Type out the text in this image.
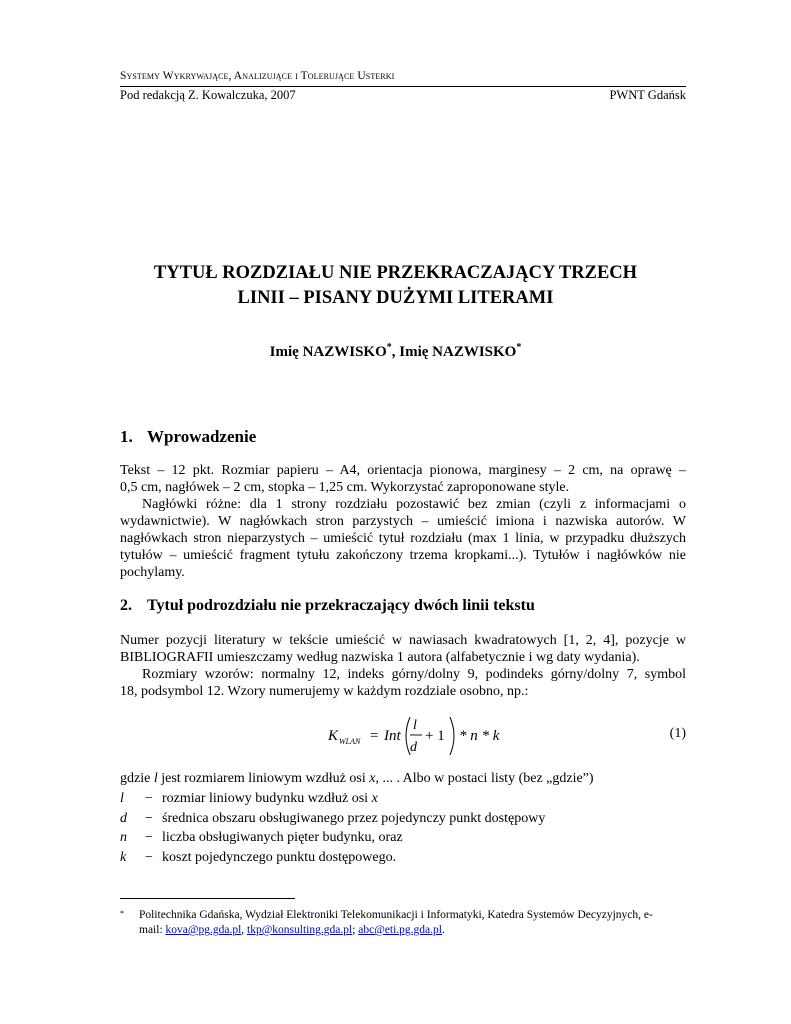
Systemy Wykrywające, Analizujące i Tolerujące Usterki
Pod redakcją Z. Kowalczuka, 2007	PWNT Gdańsk
TYTUŁ ROZDZIAŁU NIE PRZEKRACZAJĄCY TRZECH
LINII – PISANY DUŻYMI LITERAMI
Imię NAZWISKO*, Imię NAZWISKO*
1. Wprowadzenie
Tekst – 12 pkt. Rozmiar papieru – A4, orientacja pionowa, marginesy – 2 cm, na oprawę –
0,5 cm, nagłówek – 2 cm, stopka – 1,25 cm. Wykorzystać zaproponowane style.
Nagłówki różne: dla 1 strony rozdziału pozostawić bez zmian (czyli z informacjami o
wydawnictwie). W nagłówkach stron parzystych – umieścić imiona i nazwiska autorów. W
nagłówkach stron nieparzystych – umieścić tytuł rozdziału (max 1 linia, w przypadku dłuższych
tytułów – umieścić fragment tytułu zakończony trzema kropkami...). Tytułów i nagłówków nie
pochylamy.
2. Tytuł podrozdziału nie przekraczający dwóch linii tekstu
Numer pozycji literatury w tekście umieścić w nawiasach kwadratowych [1, 2, 4], pozycje w
BIBLIOGRAFII umieszczamy według nazwiska 1 autora (alfabetycznie i wg daty wydania).
Rozmiary wzorów: normalny 12, indeks górny/dolny 9, podindeks górny/dolny 7, symbol
18, podsymbol 12. Wzory numerujemy w każdym rozdziale osobno, np.:
K WLAN = Int
l
d
+ 1 * n * k	(1)
gdzie l jest rozmiarem liniowym wzdłuż osi x, ... . Albo w postaci listy (bez „gdzie”)
l − rozmiar liniowy budynku wzdłuż osi x
d − średnica obszaru obsługiwanego przez pojedynczy punkt dostępowy
n − liczba obsługiwanych pięter budynku, oraz
k − koszt pojedynczego punktu dostępowego.
* Politechnika Gdańska, Wydział Elektroniki Telekomunikacji i Informatyki, Katedra Systemów Decyzyjnych, e-
mail: kova@pg.gda.pl, tkp@konsulting.gda.pl; abc@eti.pg.gda.pl.
